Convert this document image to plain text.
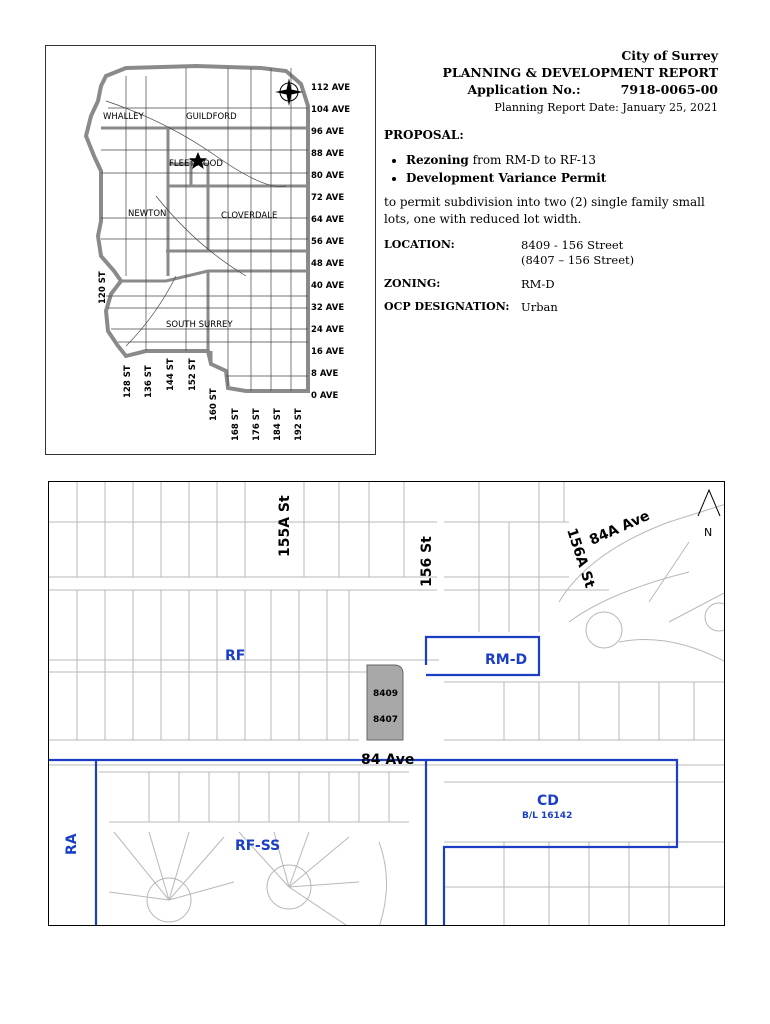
WHALLEY	GUILDFORD
FLEETWOOD
NEWTON	CLOVERDALE
SOUTH SURREY
112 AVE
104 AVE
96 AVE
88 AVE
80 AVE
72 AVE
64 AVE
56 AVE
48 AVE
40 AVE
32 AVE
24 AVE
16 AVE
8 AVE
0 AVE
120 ST
128 ST 136 ST 144 ST 152 ST
160 ST
168 ST 176 ST 184 ST 192 ST
City of Surrey
PLANNING & DEVELOPMENT REPORT
Application No.:	7918-0065-00
Planning Report Date: January 25, 2021
PROPOSAL:
• Rezoning from RM-D to RF-13
• Development Variance Permit
to permit subdivision into two (2) single family small lots, one with reduced lot width.
LOCATION:	8409 - 156 Street
(8407 – 156 Street)
ZONING:	RM-D
OCP DESIGNATION:	Urban
8409
8407
155A St
156 St	156A St
84A Ave
84 Ave
RF	RM-D
CD
B/L 16142
RA	RF-SS
N
